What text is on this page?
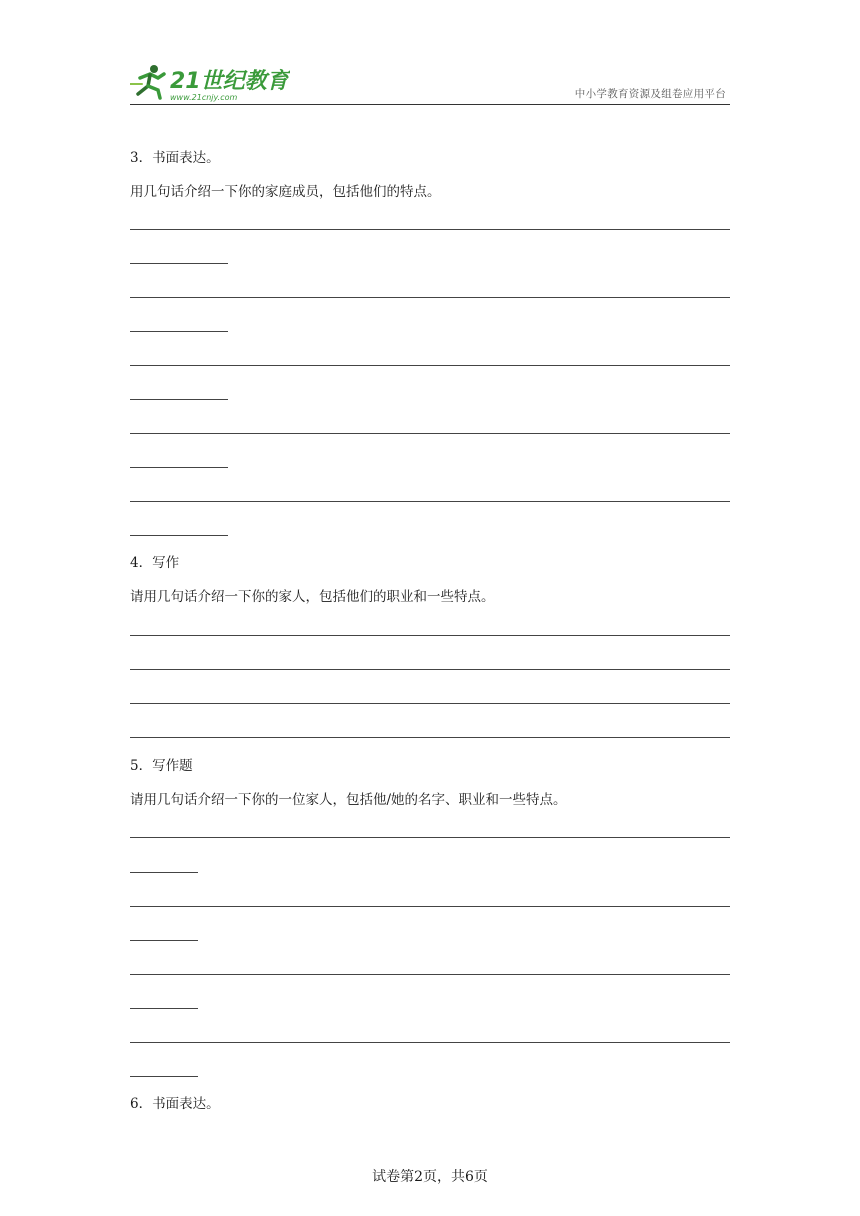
21世纪教育
www.21cnjy.com	中小学教育资源及组卷应用平台
3．书面表达。
用几句话介绍一下你的家庭成员，包括他们的特点。
4．写作
请用几句话介绍一下你的家人，包括他们的职业和一些特点。
5．写作题
请用几句话介绍一下你的一位家人，包括他/她的名字、职业和一些特点。
6．书面表达。
试卷第2页，共6页
